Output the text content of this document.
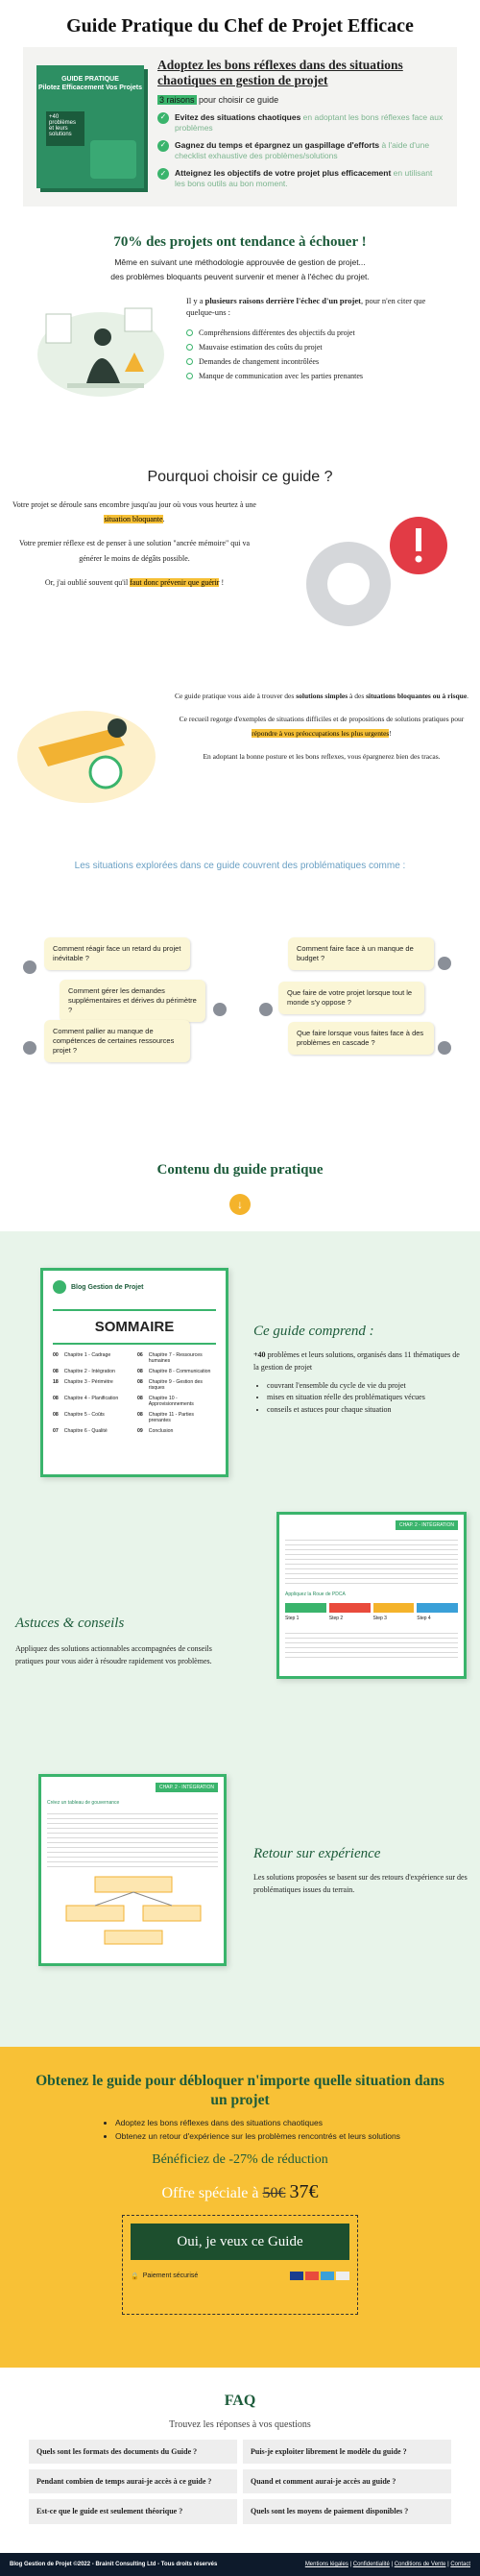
Guide Pratique du Chef de Projet Efficace
GUIDE PRATIQUE
Pilotez Efficacement Vos Projets
+40 problèmes et leurs solutions
Adoptez les bons réflexes dans des situations chaotiques en gestion de projet
3 raisons pour choisir ce guide
✓	Evitez des situations chaotiques en adoptant les bons réflexes face aux problèmes
✓	Gagnez du temps et épargnez un gaspillage d'efforts à l'aide d'une checklist exhaustive des problèmes/solutions
✓	Atteignez les objectifs de votre projet plus efficacement en utilisant les bons outils au bon moment.
70% des projets ont tendance à échouer !

Même en suivant une méthodologie approuvée de gestion de projet...

des problèmes bloquants peuvent survenir et mener à l'échec du projet.

Il y a plusieurs raisons derrière l'échec d'un projet, pour n'en citer que quelque-uns :

Compréhensions différentes des objectifs du projet
Mauvaise estimation des coûts du projet
Demandes de changement incontrôlées
Manque de communication avec les parties prenantes
Pourquoi choisir ce guide ?

Votre projet se déroule sans encombre jusqu'au jour où vous vous heurtez à une situation bloquante.

Votre premier réflexe est de penser à une solution "ancrée mémoire" qui va générer le moins de dégâts possible.

Or, j'ai oublié souvent qu'il faut donc prévenir que guérir !

Ce guide pratique vous aide à trouver des solutions simples à des situations bloquantes ou à risque.

Ce recueil regorge d'exemples de situations difficiles et de propositions de solutions pratiques pour répondre à vos préoccupations les plus urgentes!

En adoptant la bonne posture et les bons reflexes, vous épargnerez bien des tracas.

Les situations explorées dans ce guide couvrent des problématiques comme :
Comment réagir face un retard du projet inévitable ?
Comment faire face à un manque de budget ?
Comment gérer les demandes supplémentaires et dérives du périmètre ?
Que faire de votre projet lorsque tout le monde s'y oppose ?
Comment pallier au manque de compétences de certaines ressources projet ?
Que faire lorsque vous faites face à des problèmes en cascade ?
Contenu du guide pratique
↓
Blog Gestion de Projet
SOMMAIRE
00 Chapitre 1 - Cadrage	06 Chapitre 7 - Ressources humaines
08 Chapitre 2 - Intégration	08 Chapitre 8 - Communication
18 Chapitre 3 - Périmètre	08 Chapitre 9 - Gestion des risques
08 Chapitre 4 - Planification	08 Chapitre 10 - Approvisionnements
08 Chapitre 5 - Coûts	08 Chapitre 11 - Parties prenantes
07 Chapitre 6 - Qualité	09 Conclusion
Ce guide comprend :

+40 problèmes et leurs solutions, organisés dans 11 thématiques de la gestion de projet

• couvrant l'ensemble du cycle de vie du projet
• mises en situation réelle des problématiques vécues
• conseils et astuces pour chaque situation
Astuces & conseils

Appliquez des solutions actionnables accompagnées de conseils pratiques pour vous aider à résoudre rapidement vos problèmes.

CHAP. 2 - INTÉGRATION
Appliquez la Roue de PDCA
Step 1	Step 2	Step 3	Step 4
CHAP. 2 - INTÉGRATION
Créez un tableau de gouvernance
Retour sur expérience

Les solutions proposées se basent sur des retours d'expérience sur des problématiques issues du terrain.

Obtenez le guide pour débloquer n'importe quelle situation dans un projet
• Adoptez les bons réflexes dans des situations chaotiques
• Obtenez un retour d'expérience sur les problèmes rencontrés et leurs solutions
Bénéficiez de -27% de réduction
Offre spéciale à 50€ 37€
Oui, je veux ce Guide
🔒 Paiement sécurisé
FAQ
Trouvez les réponses à vos questions
Quels sont les formats des documents du Guide ?	Puis-je exploiter librement le modèle du guide ?
Pendant combien de temps aurai-je accès à ce guide ?	Quand et comment aurai-je accès au guide ?
Est-ce que le guide est seulement théorique ?	Quels sont les moyens de paiement disponibles ?
Blog Gestion de Projet ©2022 - Brainit Consulting Ltd - Tous droits réservés	Mentions légales | Confidentialité | Conditions de Vente | Contact
